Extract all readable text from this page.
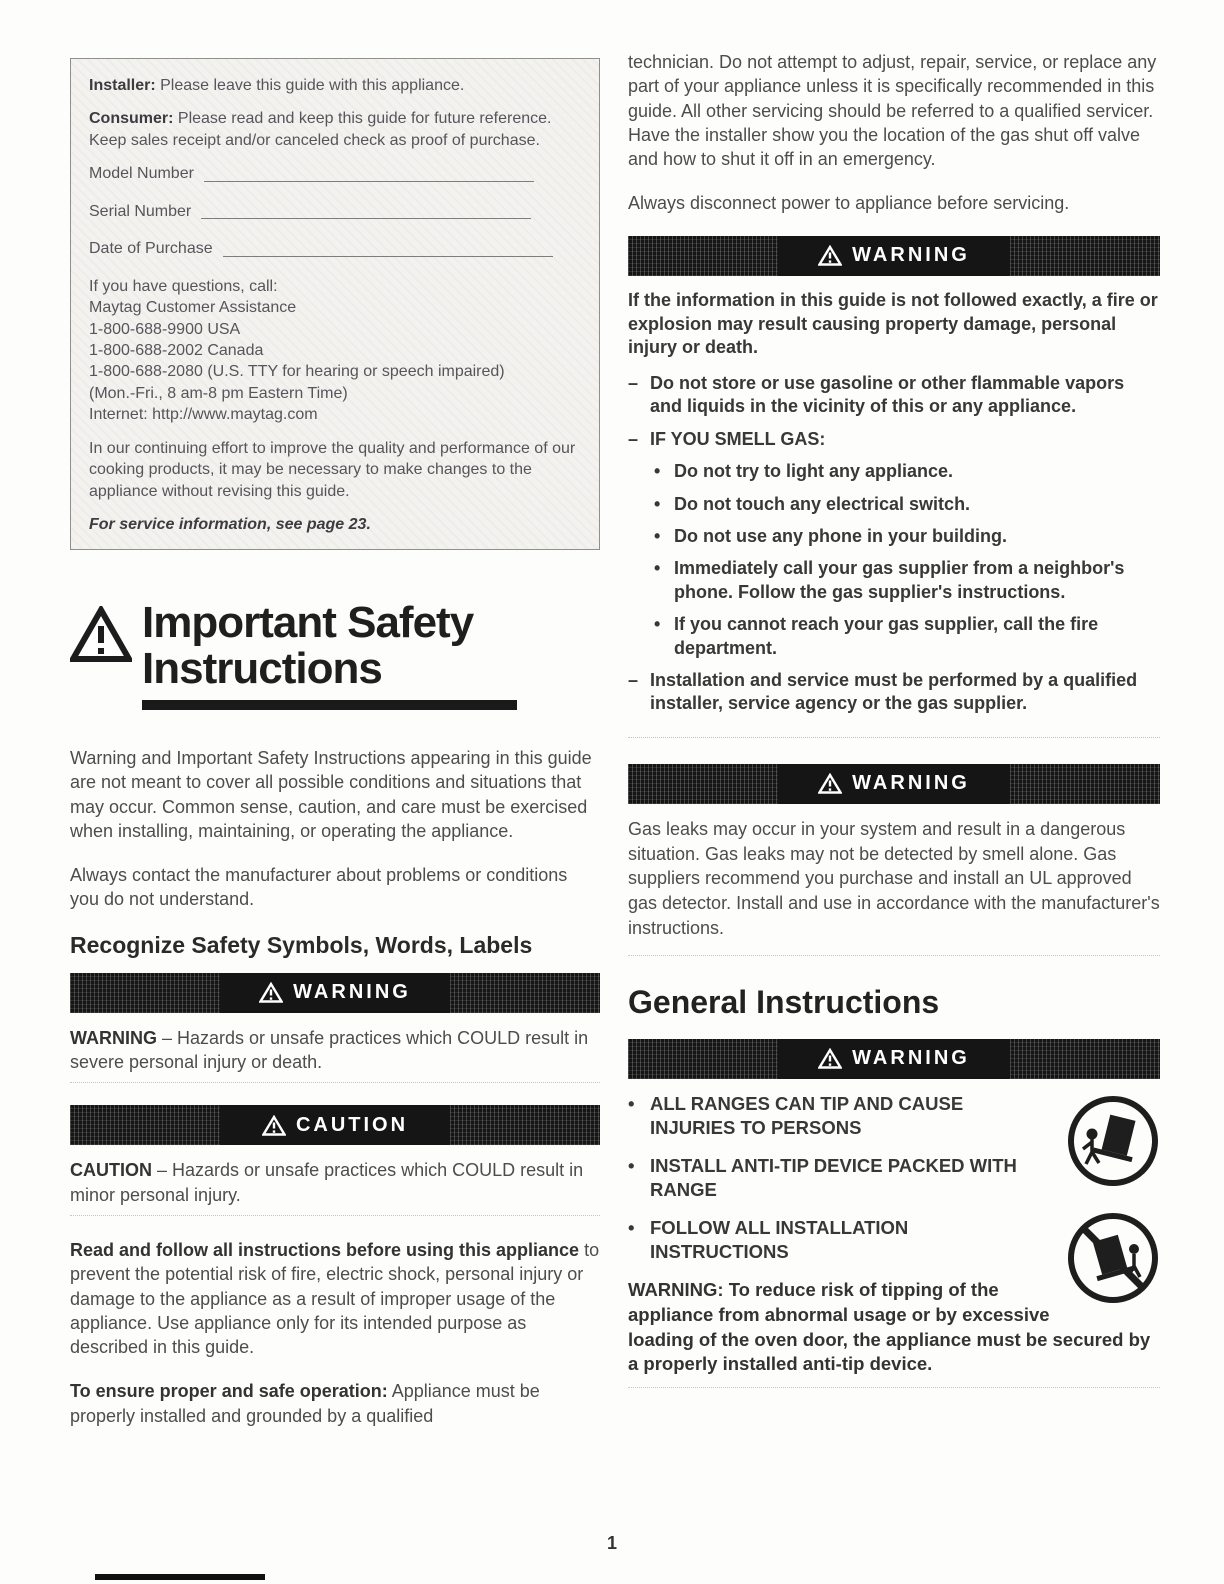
Installer: Please leave this guide with this appliance.
Consumer: Please read and keep this guide for future reference. Keep sales receipt and/or canceled check as proof of purchase.
Model Number
Serial Number
Date of Purchase
If you have questions, call:
Maytag Customer Assistance
1-800-688-9900 USA
1-800-688-2002 Canada
1-800-688-2080 (U.S. TTY for hearing or speech impaired)
(Mon.-Fri., 8 am-8 pm Eastern Time)
Internet: http://www.maytag.com
In our continuing effort to improve the quality and performance of our cooking products, it may be necessary to make changes to the appliance without revising this guide.
For service information, see page 23.
Important Safety
Instructions

Warning and Important Safety Instructions appearing in this guide are not meant to cover all possible conditions and situations that may occur. Common sense, caution, and care must be exercised when installing, maintaining, or operating the appliance.

Always contact the manufacturer about problems or conditions you do not understand.

Recognize Safety Symbols, Words, Labels
WARNING

WARNING – Hazards or unsafe practices which COULD result in severe personal injury or death.

CAUTION

CAUTION – Hazards or unsafe practices which COULD result in minor personal injury.

Read and follow all instructions before using this appliance to prevent the potential risk of fire, electric shock, personal injury or damage to the appliance as a result of improper usage of the appliance. Use appliance only for its intended purpose as described in this guide.

To ensure proper and safe operation: Appliance must be properly installed and grounded by a qualified

technician. Do not attempt to adjust, repair, service, or replace any part of your appliance unless it is specifically recommended in this guide. All other servicing should be referred to a qualified servicer. Have the installer show you the location of the gas shut off valve and how to shut it off in an emergency.

Always disconnect power to appliance before servicing.

WARNING

If the information in this guide is not followed exactly, a fire or explosion may result causing property damage, personal injury or death.

– Do not store or use gasoline or other flammable vapors and liquids in the vicinity of this or any appliance.
– IF YOU SMELL GAS:
• Do not try to light any appliance.
• Do not touch any electrical switch.
• Do not use any phone in your building.
• Immediately call your gas supplier from a neighbor's phone. Follow the gas supplier's instructions.
• If you cannot reach your gas supplier, call the fire department.
– Installation and service must be performed by a qualified installer, service agency or the gas supplier.
WARNING

Gas leaks may occur in your system and result in a dangerous situation. Gas leaks may not be detected by smell alone. Gas suppliers recommend you purchase and install an UL approved gas detector. Install and use in accordance with the manufacturer's instructions.

General Instructions
WARNING
• ALL RANGES CAN TIP AND CAUSE INJURIES TO PERSONS
• INSTALL ANTI-TIP DEVICE PACKED WITH RANGE
• FOLLOW ALL INSTALLATION INSTRUCTIONS

WARNING: To reduce risk of tipping of the appliance from abnormal usage or by excessive loading of the oven door, the appliance must be secured by a properly installed anti-tip device.

1
